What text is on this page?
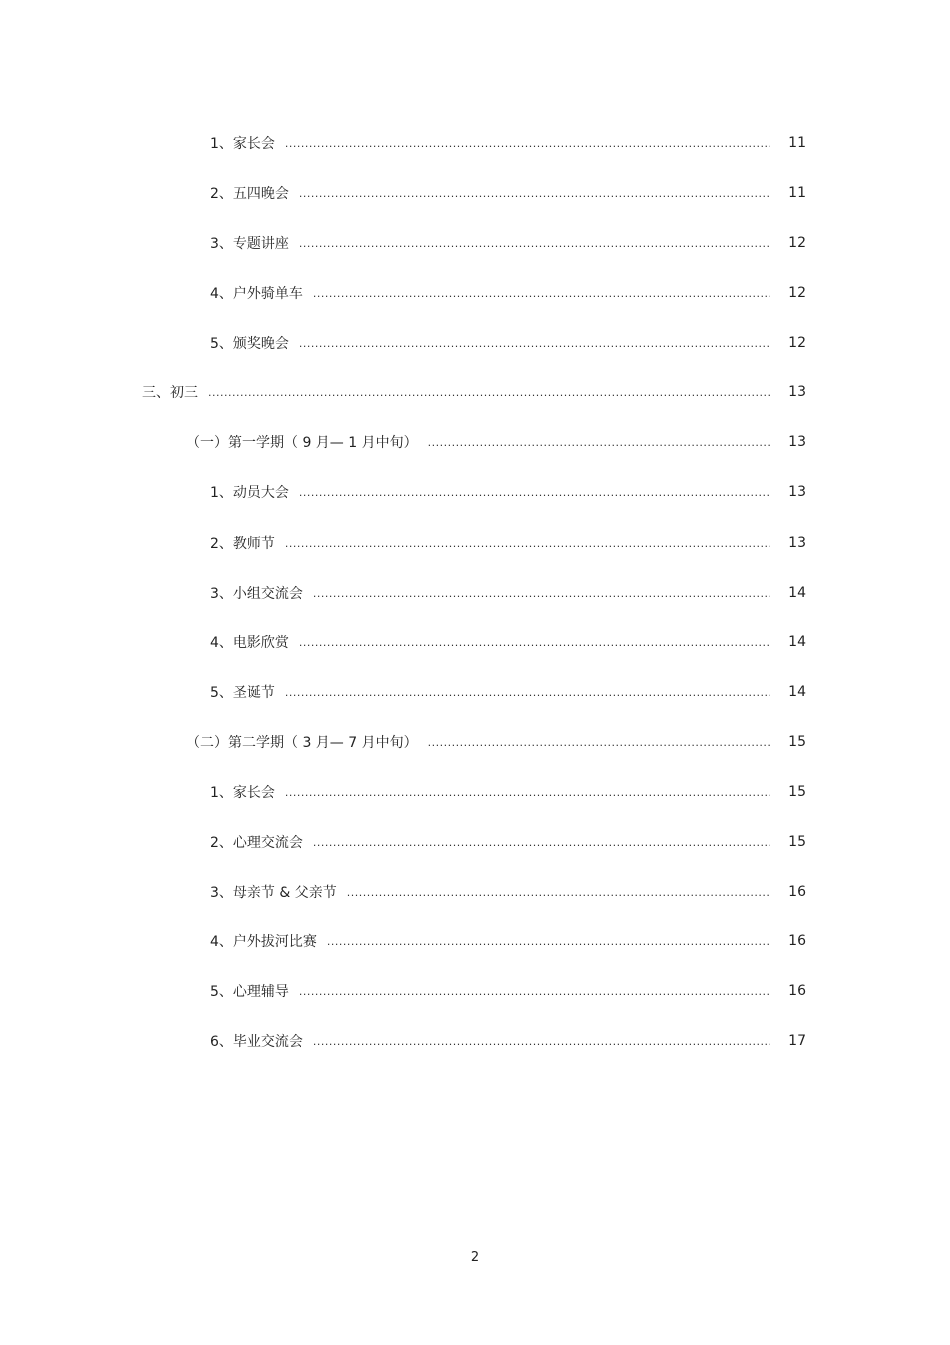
1、家长会 .....	11
2、五四晚会 .....	11
3、专题讲座 .....	12
4、户外骑单车 .....	12
5、颁奖晚会 .....	12
三、初三 .....	13
（一）第一学期（ 9 月— 1 月中旬） .....	13
1、动员大会 .....	13
2、教师节 .....	13
3、小组交流会 .....	14
4、电影欣赏 .....	14
5、圣诞节 .....	14
（二）第二学期（ 3 月— 7 月中旬） .....	15
1、家长会 .....	15
2、心理交流会 .....	15
3、母亲节 & 父亲节 .....	16
4、户外拔河比赛 .....	16
5、心理辅导 .....	16
6、毕业交流会 .....	17
2
